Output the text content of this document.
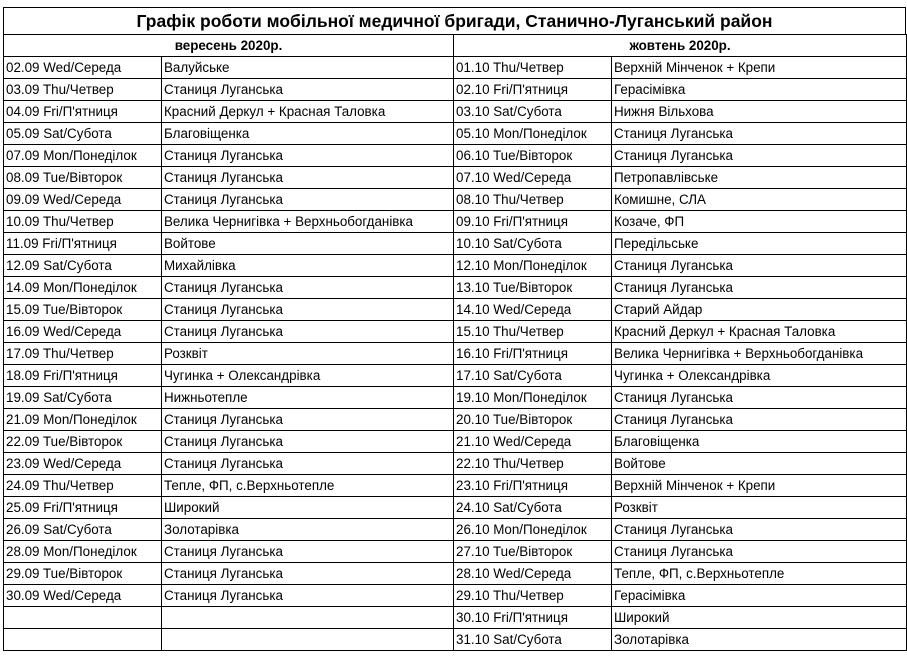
Графік роботи мобільної медичної бригади, Станично-Луганський район
вересень 2020р.		жовтень 2020р.	
02.09 Wed/Середа	Валуйське	01.10 Thu/Четвер	Верхній Мінченок + Крепи
03.09 Thu/Четвер	Станиця Луганська	02.10 Fri/П'ятниця	Герасімівка
04.09 Fri/П'ятниця	Красний Деркул + Красная Таловка	03.10 Sat/Субота	Нижня Вільхова
05.09 Sat/Субота	Благовіщенка	05.10 Mon/Понеділок	Станиця Луганська
07.09 Mon/Понеділок	Станиця Луганська	06.10 Tue/Вівторок	Станиця Луганська
08.09 Tue/Вівторок	Станиця Луганська	07.10 Wed/Середа	Петропавлівське
09.09 Wed/Середа	Станиця Луганська	08.10 Thu/Четвер	Комишне, СЛА
10.09 Thu/Четвер	Велика Чернигівка + Верхньобогданівка	09.10 Fri/П'ятниця	Козаче, ФП
11.09 Fri/П'ятниця	Войтове	10.10 Sat/Субота	Передільське
12.09 Sat/Субота	Михайлівка	12.10 Mon/Понеділок	Станиця Луганська
14.09 Mon/Понеділок	Станиця Луганська	13.10 Tue/Вівторок	Станиця Луганська
15.09 Tue/Вівторок	Станиця Луганська	14.10 Wed/Середа	Старий Айдар
16.09 Wed/Середа	Станиця Луганська	15.10 Thu/Четвер	Красний Деркул + Красная Таловка
17.09 Thu/Четвер	Розквіт	16.10 Fri/П'ятниця	Велика Чернигівка + Верхньобогданівка
18.09 Fri/П'ятниця	Чугинка + Олександрівка	17.10 Sat/Субота	Чугинка + Олександрівка
19.09 Sat/Субота	Нижньотепле	19.10 Mon/Понеділок	Станиця Луганська
21.09 Mon/Понеділок	Станиця Луганська	20.10 Tue/Вівторок	Станиця Луганська
22.09 Tue/Вівторок	Станиця Луганська	21.10 Wed/Середа	Благовіщенка
23.09 Wed/Середа	Станиця Луганська	22.10 Thu/Четвер	Войтове
24.09 Thu/Четвер	Тепле, ФП, с.Верхньотепле	23.10 Fri/П'ятниця	Верхній Мінченок + Крепи
25.09 Fri/П'ятниця	Широкий	24.10 Sat/Субота	Розквіт
26.09 Sat/Субота	Золотарівка	26.10 Mon/Понеділок	Станиця Луганська
28.09 Mon/Понеділок	Станиця Луганська	27.10 Tue/Вівторок	Станиця Луганська
29.09 Tue/Вівторок	Станиця Луганська	28.10 Wed/Середа	Тепле, ФП, с.Верхньотепле
30.09 Wed/Середа	Станиця Луганська	29.10 Thu/Четвер	Герасімівка
		30.10 Fri/П'ятниця	Широкий
		31.10 Sat/Субота	Золотарівка
